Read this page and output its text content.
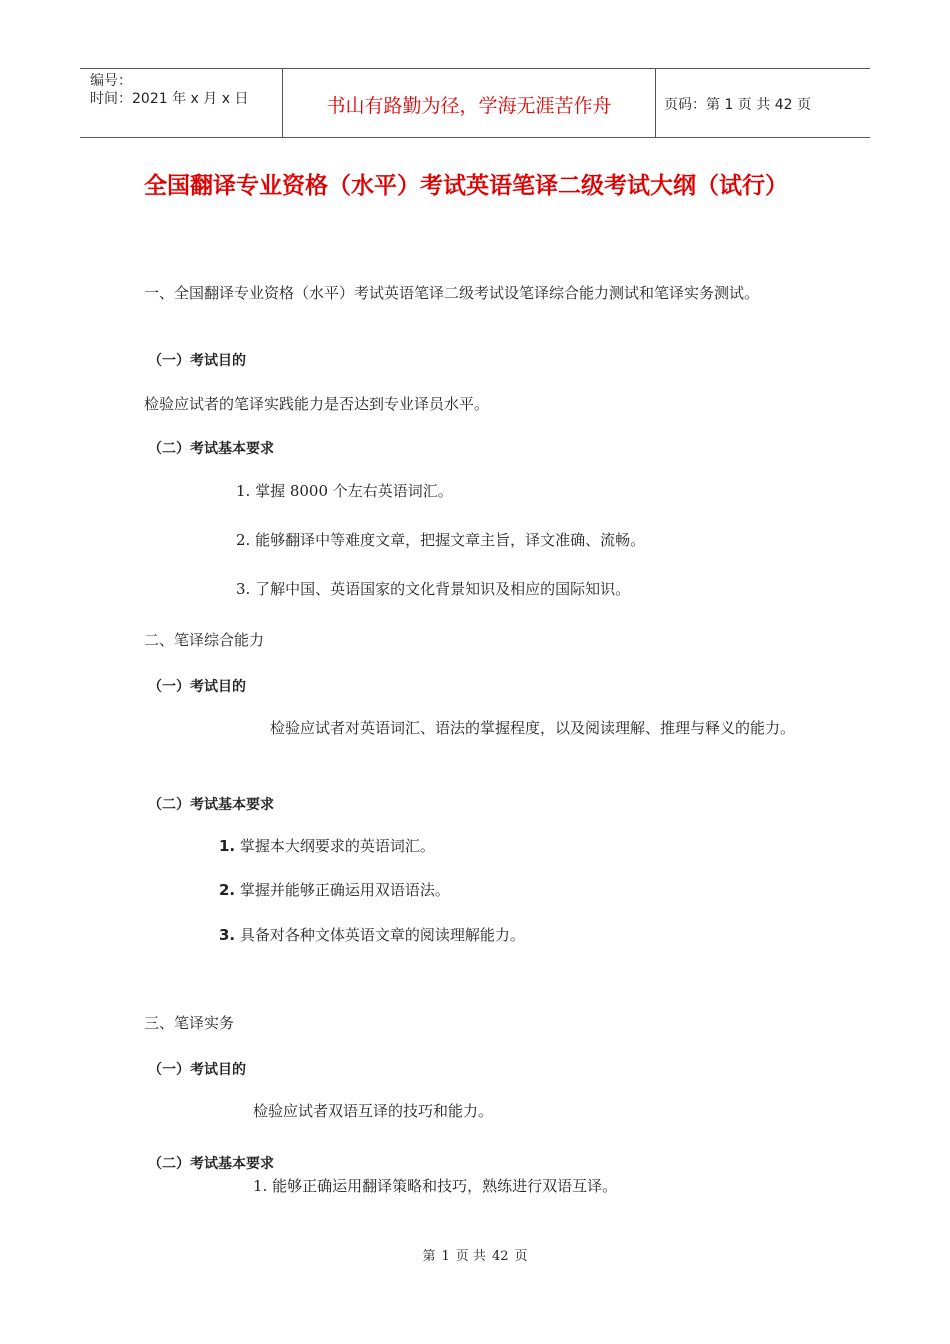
编号：
时间：2021 年 x 月 x 日	书山有路勤为径，学海无涯苦作舟	页码：第 1 页 共 42 页
全国翻译专业资格（水平）考试英语笔译二级考试大纲（试行）
一、全国翻译专业资格（水平）考试英语笔译二级考试设笔译综合能力测试和笔译实务测试。
（一）考试目的
检验应试者的笔译实践能力是否达到专业译员水平。
（二）考试基本要求
1. 掌握 8000 个左右英语词汇。
2. 能够翻译中等难度文章，把握文章主旨，译文准确、流畅。
3. 了解中国、英语国家的文化背景知识及相应的国际知识。
二、笔译综合能力
（一）考试目的
检验应试者对英语词汇、语法的掌握程度，以及阅读理解、推理与释义的能力。
（二）考试基本要求
1. 掌握本大纲要求的英语词汇。
2. 掌握并能够正确运用双语语法。
3. 具备对各种文体英语文章的阅读理解能力。
三、笔译实务
（一）考试目的
检验应试者双语互译的技巧和能力。
（二）考试基本要求
1. 能够正确运用翻译策略和技巧，熟练进行双语互译。
第 1 页 共 42 页
